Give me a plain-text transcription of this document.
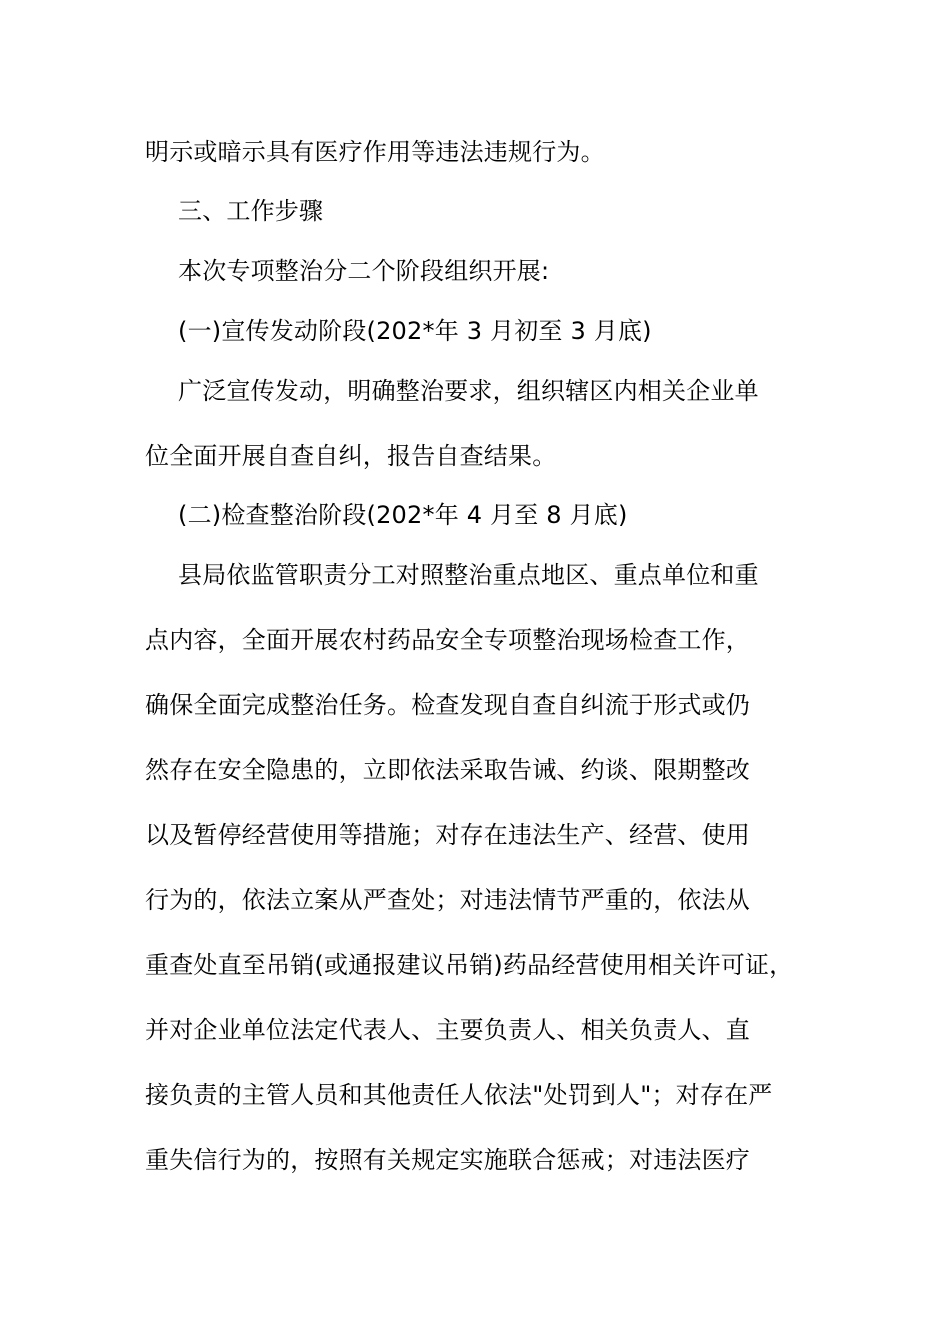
明示或暗示具有医疗作用等违法违规行为。
三、工作步骤
本次专项整治分二个阶段组织开展:
(一)宣传发动阶段(202*年 3 月初至 3 月底)
广泛宣传发动，明确整治要求，组织辖区内相关企业单
位全面开展自查自纠，报告自查结果。
(二)检查整治阶段(202*年 4 月至 8 月底)
县局依监管职责分工对照整治重点地区、重点单位和重
点内容，全面开展农村药品安全专项整治现场检查工作，
确保全面完成整治任务。检查发现自查自纠流于形式或仍
然存在安全隐患的，立即依法采取告诫、约谈、限期整改
以及暂停经营使用等措施；对存在违法生产、经营、使用
行为的，依法立案从严查处；对违法情节严重的，依法从
重查处直至吊销(或通报建议吊销)药品经营使用相关许可证，
并对企业单位法定代表人、主要负责人、相关负责人、直
接负责的主管人员和其他责任人依法"处罚到人"；对存在严
重失信行为的，按照有关规定实施联合惩戒；对违法医疗
